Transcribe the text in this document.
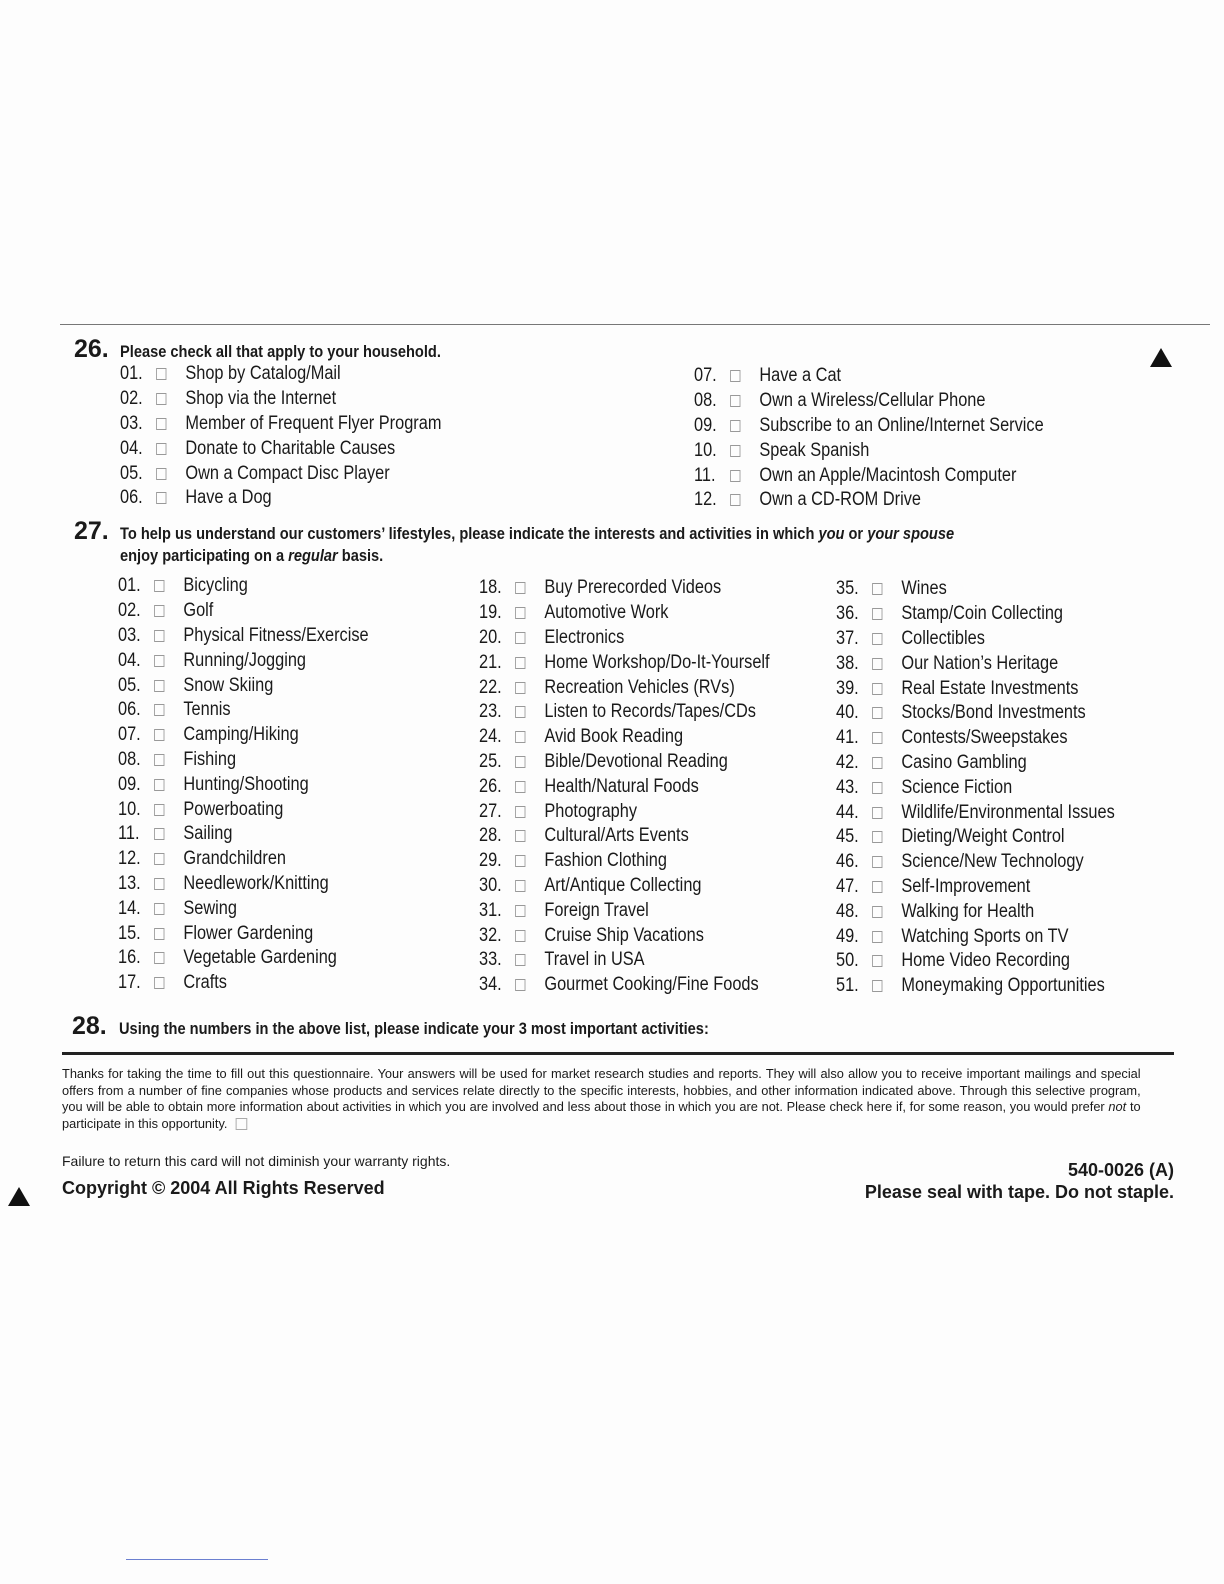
26. Please check all that apply to your household.
01.	Shop by Catalog/Mail
02.	Shop via the Internet
03.	Member of Frequent Flyer Program
04.	Donate to Charitable Causes
05.	Own a Compact Disc Player
06.	Have a Dog
07.	Have a Cat
08.	Own a Wireless/Cellular Phone
09.	Subscribe to an Online/Internet Service
10.	Speak Spanish
11.	Own an Apple/Macintosh Computer
12.	Own a CD-ROM Drive
27. To help us understand our customers’ lifestyles, please indicate the interests and activities in which you or your spouse
enjoy participating on a regular basis.
01.	Bicycling
02.	Golf
03.	Physical Fitness/Exercise
04.	Running/Jogging
05.	Snow Skiing
06.	Tennis
07.	Camping/Hiking
08.	Fishing
09.	Hunting/Shooting
10.	Powerboating
11.	Sailing
12.	Grandchildren
13.	Needlework/Knitting
14.	Sewing
15.	Flower Gardening
16.	Vegetable Gardening
17.	Crafts
18.	Buy Prerecorded Videos
19.	Automotive Work
20.	Electronics
21.	Home Workshop/Do-It-Yourself
22.	Recreation Vehicles (RVs)
23.	Listen to Records/Tapes/CDs
24.	Avid Book Reading
25.	Bible/Devotional Reading
26.	Health/Natural Foods
27.	Photography
28.	Cultural/Arts Events
29.	Fashion Clothing
30.	Art/Antique Collecting
31.	Foreign Travel
32.	Cruise Ship Vacations
33.	Travel in USA
34.	Gourmet Cooking/Fine Foods
35.	Wines
36.	Stamp/Coin Collecting
37.	Collectibles
38.	Our Nation’s Heritage
39.	Real Estate Investments
40.	Stocks/Bond Investments
41.	Contests/Sweepstakes
42.	Casino Gambling
43.	Science Fiction
44.	Wildlife/Environmental Issues
45.	Dieting/Weight Control
46.	Science/New Technology
47.	Self-Improvement
48.	Walking for Health
49.	Watching Sports on TV
50.	Home Video Recording
51.	Moneymaking Opportunities
28. Using the numbers in the above list, please indicate your 3 most important activities:
Thanks for taking the time to fill out this questionnaire. Your answers will be used for market research studies and reports. They will also allow you to receive important mailings and special offers from a number of fine companies whose products and services relate directly to the specific interests, hobbies, and other information indicated above. Through this selective program, you will be able to obtain more information about activities in which you are involved and less about those in which you are not. Please check here if, for some reason, you would prefer not to participate in this opportunity.
Failure to return this card will not diminish your warranty rights.	540-0026 (A)
Copyright © 2004 All Rights Reserved	Please seal with tape. Do not staple.
